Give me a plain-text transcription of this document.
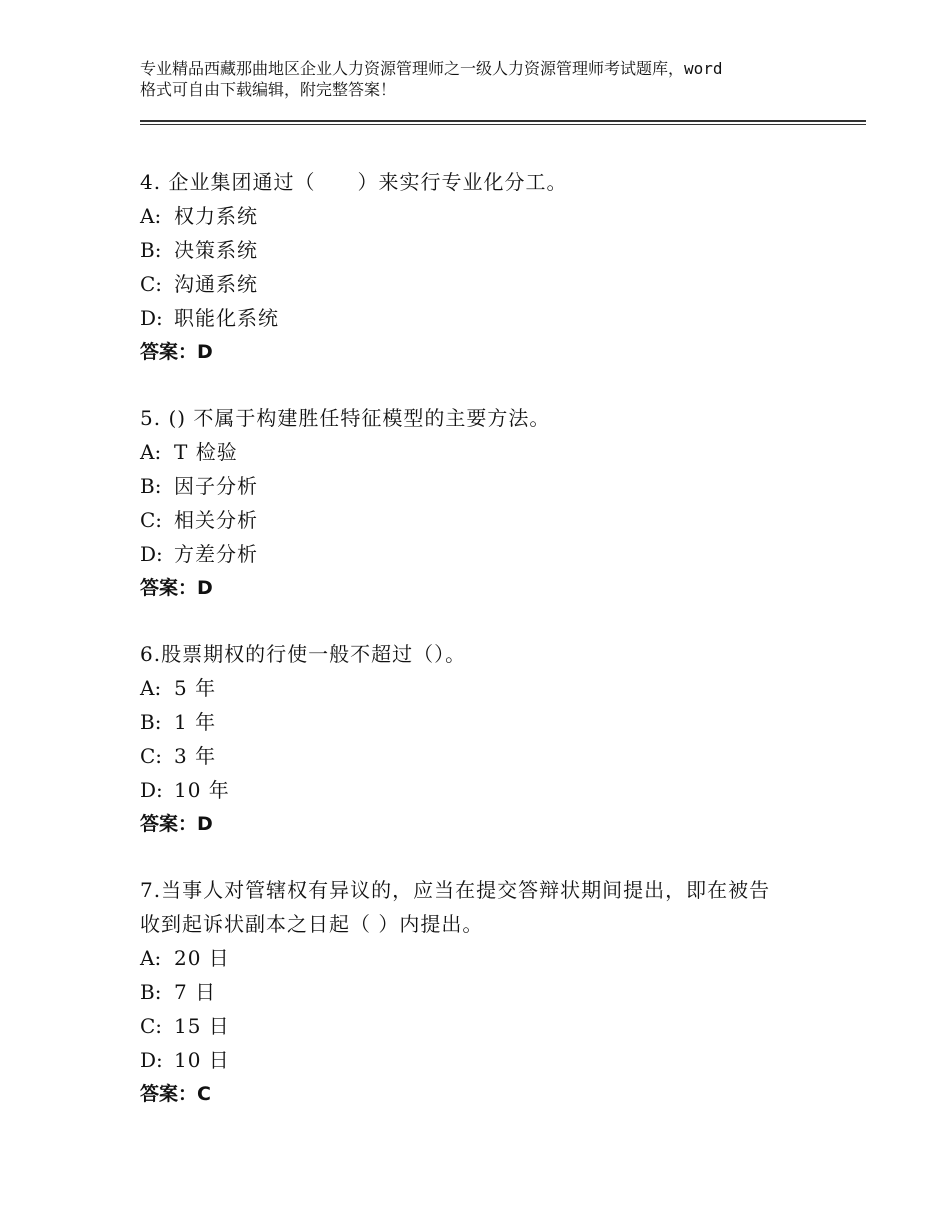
专业精品西藏那曲地区企业人力资源管理师之一级人力资源管理师考试题库，word
格式可自由下载编辑，附完整答案！
4. 企业集团通过（　　）来实行专业化分工。
A: 权力系统
B: 决策系统
C: 沟通系统
D: 职能化系统
答案：D
5. () 不属于构建胜任特征模型的主要方法。
A: T 检验
B: 因子分析
C: 相关分析
D: 方差分析
答案：D
6.股票期权的行使一般不超过（）。
A: 5 年
B: 1 年
C: 3 年
D: 10 年
答案：D
7.当事人对管辖权有异议的，应当在提交答辩状期间提出，即在被告
收到起诉状副本之日起（ ）内提出。
A: 20 日
B: 7 日
C: 15 日
D: 10 日
答案：C
